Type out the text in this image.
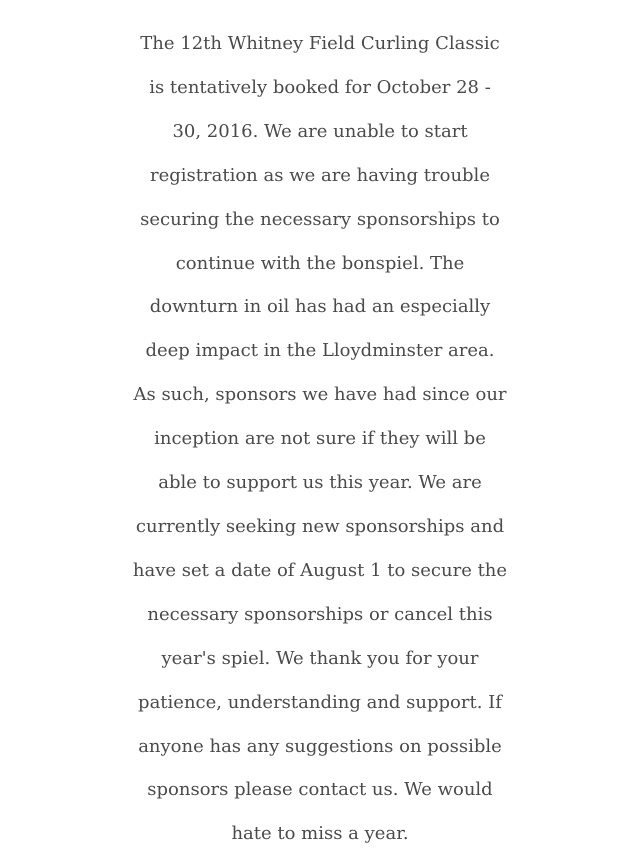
The 12th Whitney Field Curling Classic
is tentatively booked for October 28 -
30, 2016. We are unable to start
registration as we are having trouble
securing the necessary sponsorships to
continue with the bonspiel. The
downturn in oil has had an especially
deep impact in the Lloydminster area.
As such, sponsors we have had since our
inception are not sure if they will be
able to support us this year. We are
currently seeking new sponsorships and
have set a date of August 1 to secure the
necessary sponsorships or cancel this
year's spiel. We thank you for your
patience, understanding and support. If
anyone has any suggestions on possible
sponsors please contact us. We would
hate to miss a year.
